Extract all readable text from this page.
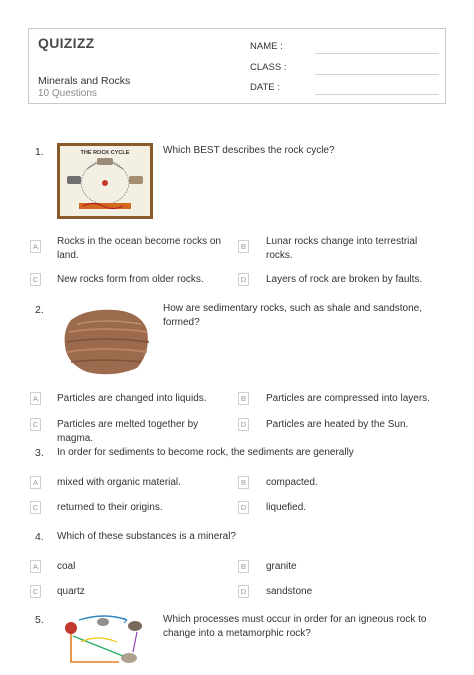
QUIZIZZ
Minerals and Rocks
10 Questions
NAME :
CLASS :
DATE :
1.	THE ROCK CYCLE	Which BEST describes the rock cycle?
A	Rocks in the ocean become rocks on land.
B	Lunar rocks change into terrestrial rocks.
C New rocks form from older rocks.	D Layers of rock are broken by faults.
2.	How are sedimentary rocks, such as shale and sandstone, formed?
A	Particles are changed into liquids.	B	Particles are compressed into layers.
C Particles are melted together by magma.
D Particles are heated by the Sun.
3. In order for sediments to become rock, the sediments are generally
A	mixed with organic material.	B	compacted.
C returned to their origins.	D liquefied.
4. Which of these substances is a mineral?
A	coal	B	granite
C quartz	D sandstone
5.	Which processes must occur in order for an igneous rock to change into a metamorphic rock?
